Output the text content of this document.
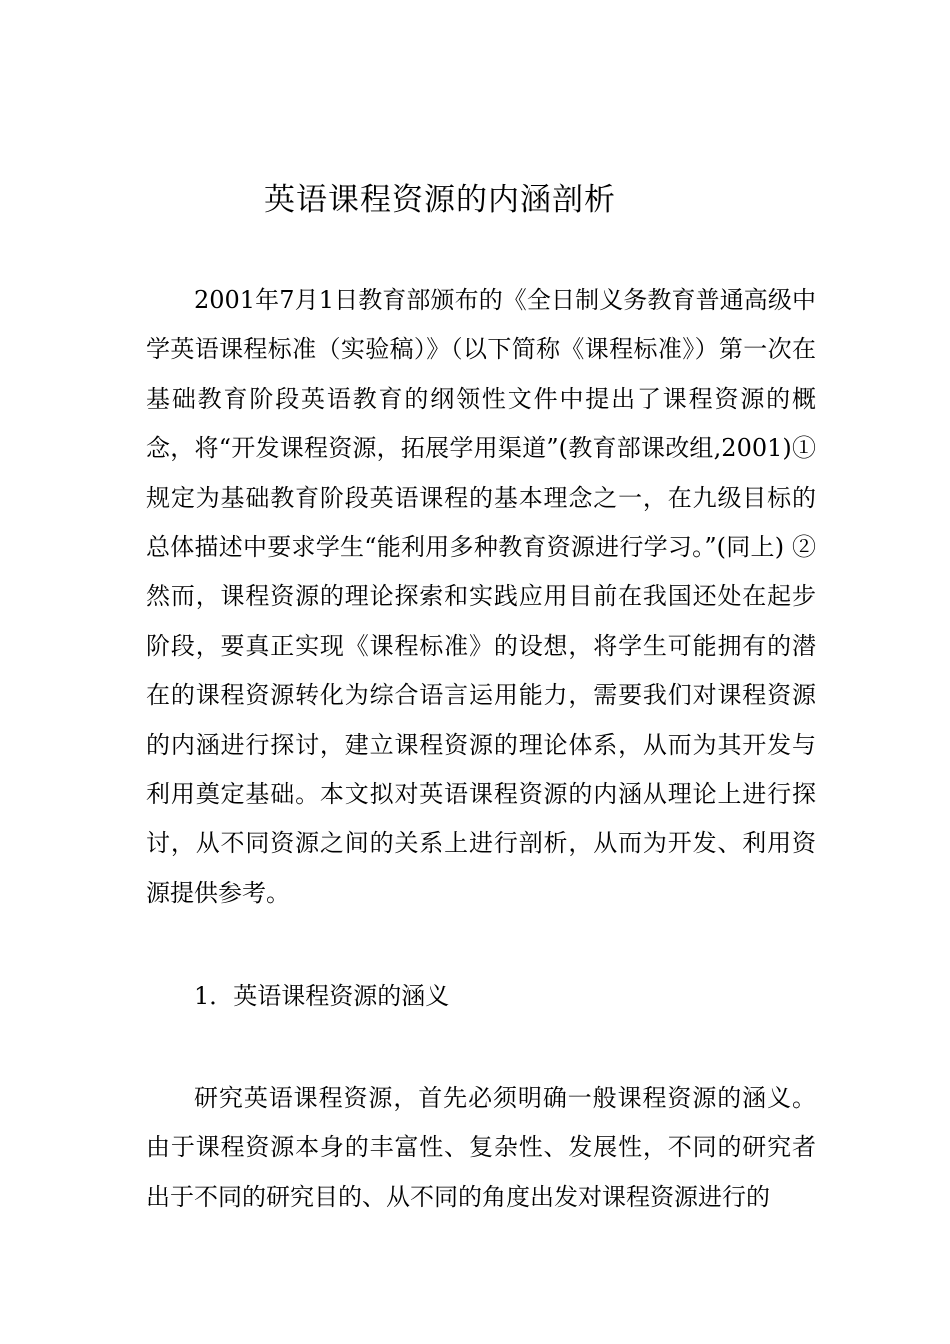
英语课程资源的内涵剖析

2001年7月1日教育部颁布的《全日制义务教育普通高级中学英语课程标准（实验稿）》（以下简称《课程标准》）第一次在基础教育阶段英语教育的纲领性文件中提出了课程资源的概念，将“开发课程资源，拓展学用渠道”(教育部课改组,2001)① 规定为基础教育阶段英语课程的基本理念之一，在九级目标的总体描述中要求学生“能利用多种教育资源进行学习。”(同上) ② 然而，课程资源的理论探索和实践应用目前在我国还处在起步阶段，要真正实现《课程标准》的设想，将学生可能拥有的潜在的课程资源转化为综合语言运用能力，需要我们对课程资源的内涵进行探讨，建立课程资源的理论体系，从而为其开发与利用奠定基础。本文拟对英语课程资源的内涵从理论上进行探讨，从不同资源之间的关系上进行剖析，从而为开发、利用资源提供参考。

1．英语课程资源的涵义

研究英语课程资源，首先必须明确一般课程资源的涵义。由于课程资源本身的丰富性、复杂性、发展性，不同的研究者出于不同的研究目的、从不同的角度出发对课程资源进行的
